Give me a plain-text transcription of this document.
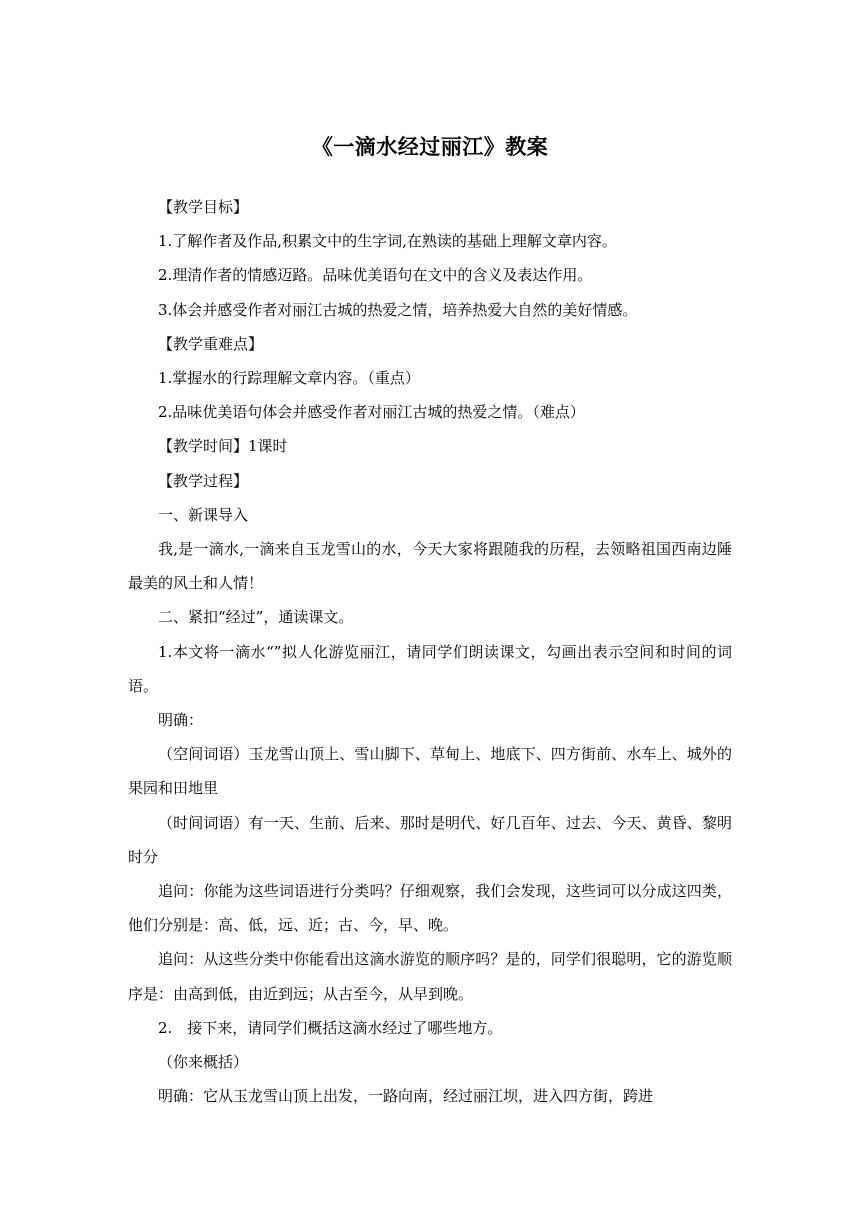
《一滴水经过丽江》教案

【教学目标】

1.了解作者及作品,积累文中的生字词,在熟读的基础上理解文章内容。

2.理清作者的情感迈路。品味优美语句在文中的含义及表达作用。

3.体会并感受作者对丽江古城的热爱之情，培养热爱大自然的美好情感。

【教学重难点】

1.掌握水的行踪理解文章内容。（重点）

2.品味优美语句体会并感受作者对丽江古城的热爱之情。（难点）

【教学时间】1课时

【教学过程】

一、新课导入

我,是一滴水,一滴来自玉龙雪山的水，今天大家将跟随我的历程，去领略祖国西南边陲最美的风土和人情！

二、紧扣“经过”，通读课文。

1.本文将一滴水“”拟人化游览丽江，请同学们朗读课文，勾画出表示空间和时间的词语。

明确：

（空间词语）玉龙雪山顶上、雪山脚下、草甸上、地底下、四方街前、水车上、城外的果园和田地里

（时间词语）有一天、生前、后来、那时是明代、好几百年、过去、今天、黄昏、黎明时分

追问：你能为这些词语进行分类吗？仔细观察，我们会发现，这些词可以分成这四类，他们分别是：高、低，远、近；古、今，早、晚。

追问：从这些分类中你能看出这滴水游览的顺序吗？是的，同学们很聪明，它的游览顺序是：由高到低，由近到远；从古至今，从早到晚。

2.　接下来，请同学们概括这滴水经过了哪些地方。

（你来概括）

明确：它从玉龙雪山顶上出发，一路向南，经过丽江坝，进入四方街，跨进
